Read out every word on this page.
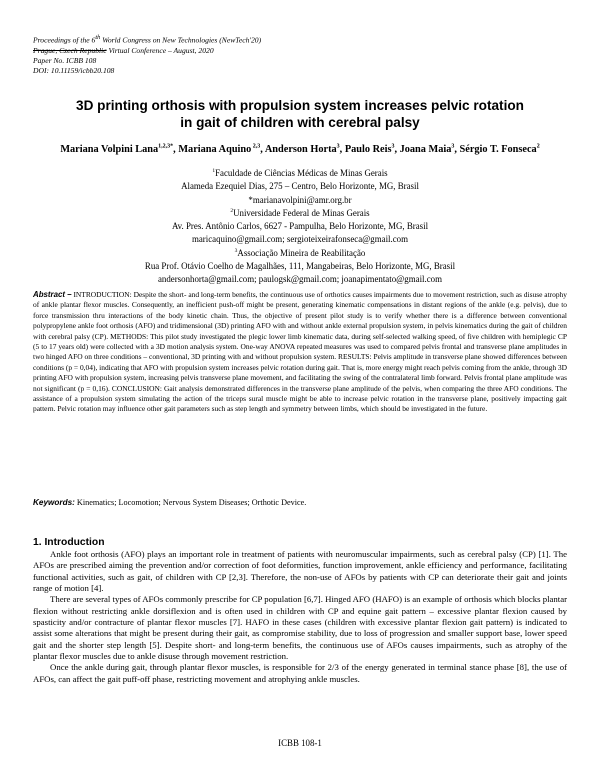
Proceedings of the 6th World Congress on New Technologies (NewTech'20)
Prague, Czech Republic Virtual Conference – August, 2020
Paper No. ICBB 108
DOI: 10.11159/icbb20.108
3D printing orthosis with propulsion system increases pelvic rotation
in gait of children with cerebral palsy
Mariana Volpini Lana$^{1,2,3*}$, Mariana Aquino $^{2,3}$, Anderson Horta$^3$, Paulo Reis$^3$, Joana Maia$^3$, Sérgio T. Fonseca$^2$
$^1$Faculdade de Ciências Médicas de Minas Gerais
Alameda Ezequiel Dias, 275 – Centro, Belo Horizonte, MG, Brasil
*marianavolpini@amr.org.br
$^2$Universidade Federal de Minas Gerais
Av. Pres. Antônio Carlos, 6627 - Pampulha, Belo Horizonte, MG, Brasil
maricaquino@gmail.com; sergioteixeirafonseca@gmail.com
$^3$Associação Mineira de Reabilitação
Rua Prof. Otávio Coelho de Magalhães, 111, Mangabeiras, Belo Horizonte, MG, Brasil
andersonhorta@gmail.com; paulogsk@gmail.com; joanapimentato@gmail.com
Abstract – INTRODUCTION: Despite the short- and long-term benefits, the continuous use of orthotics causes impairments due to movement restriction, such as disuse atrophy of ankle plantar flexor muscles. Consequently, an inefficient push-off might be present, generating kinematic compensations in distant regions of the ankle (e.g. pelvis), due to force transmission thru interactions of the body kinetic chain. Thus, the objective of present pilot study is to verify whether there is a difference between conventional polypropylene ankle foot orthosis (AFO) and tridimensional (3D) printing AFO with and without ankle external propulsion system, in pelvis kinematics during the gait of children with cerebral palsy (CP). METHODS: This pilot study investigated the plegic lower limb kinematic data, during self-selected walking speed, of five children with hemiplegic CP (5 to 17 years old) were collected with a 3D motion analysis system. One-way ANOVA repeated measures was used to compared pelvis frontal and transverse plane amplitudes in two hinged AFO on three conditions – conventional, 3D printing with and without propulsion system. RESULTS: Pelvis amplitude in transverse plane showed differences between conditions (p = 0,04), indicating that AFO with propulsion system increases pelvic rotation during gait. That is, more energy might reach pelvis coming from the ankle, through 3D printing AFO with propulsion system, increasing pelvis transverse plane movement, and facilitating the swing of the contralateral limb forward. Pelvis frontal plane amplitude was not significant (p = 0,16). CONCLUSION: Gait analysis demonstrated differences in the transverse plane amplitude of the pelvis, when comparing the three AFO conditions. The assistance of a propulsion system simulating the action of the triceps sural muscle might be able to increase pelvic rotation in the transverse plane, positively impacting gait pattern. Pelvic rotation may influence other gait parameters such as step length and symmetry between limbs, which should be investigated in the future.
Keywords: Kinematics; Locomotion; Nervous System Diseases; Orthotic Device.
1. Introduction

Ankle foot orthosis (AFO) plays an important role in treatment of patients with neuromuscular impairments, such as cerebral palsy (CP) [1]. The AFOs are prescribed aiming the prevention and/or correction of foot deformities, function improvement, ankle efficiency and performance, facilitating functional activities, such as gait, of children with CP [2,3]. Therefore, the non-use of AFOs by patients with CP can deteriorate their gait and joints range of motion [4].

There are several types of AFOs commonly prescribe for CP population [6,7]. Hinged AFO (HAFO) is an example of orthosis which blocks plantar flexion without restricting ankle dorsiflexion and is often used in children with CP and equine gait pattern – excessive plantar flexion caused by spasticity and/or contracture of plantar flexor muscles [7]. HAFO in these cases (children with excessive plantar flexion gait pattern) is indicated to assist some alterations that might be present during their gait, as compromise stability, due to loss of progression and smaller support base, lower speed gait and the shorter step length [5]. Despite short- and long-term benefits, the continuous use of AFOs causes impairments, such as atrophy of the plantar flexor muscles due to ankle disuse through movement restriction.

Once the ankle during gait, through plantar flexor muscles, is responsible for 2/3 of the energy generated in terminal stance phase [8], the use of AFOs, can affect the gait puff-off phase, restricting movement and atrophying ankle muscles.

ICBB 108-1
